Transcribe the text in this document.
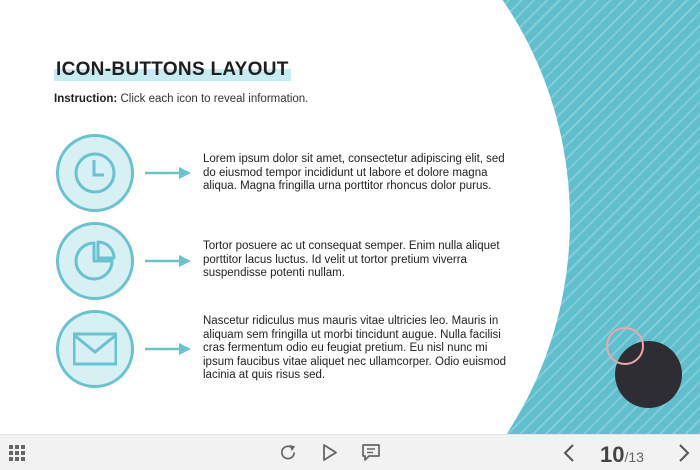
ICON-BUTTONS LAYOUT
Instruction: Click each icon to reveal information.

Lorem ipsum dolor sit amet, consectetur adipiscing elit, sed do eiusmod tempor incididunt ut labore et dolore magna aliqua. Magna fringilla urna porttitor rhoncus dolor purus.

Tortor posuere ac ut consequat semper. Enim nulla aliquet porttitor lacus luctus. Id velit ut tortor pretium viverra suspendisse potenti nullam.

Nascetur ridiculus mus mauris vitae ultricies leo. Mauris in aliquam sem fringilla ut morbi tincidunt augue. Nulla facilisi cras fermentum odio eu feugiat pretium. Eu nisl nunc mi ipsum faucibus vitae aliquet nec ullamcorper. Odio euismod lacinia at quis risus sed.

10/13
